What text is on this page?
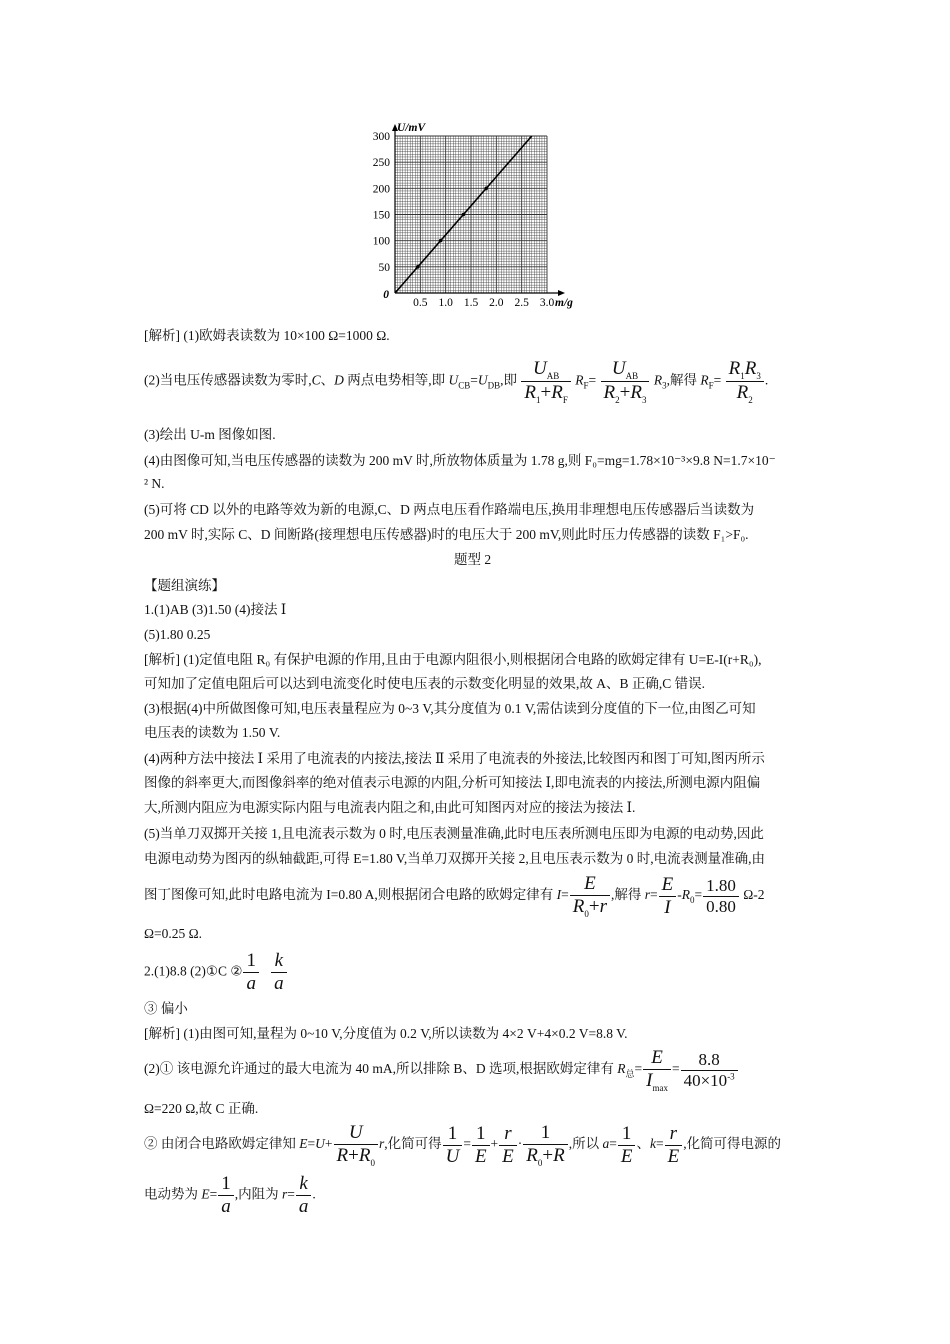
0.5 1.0 1.5 2.0 2.5 3.0
50
100
150
200
250
300
0
m/g
U/mV
[解析] (1)欧姆表读数为 10×100 Ω=1000 Ω.
(2)当电压传感器读数为零时,C、D 两点电势相等,即 $U_{CB}=U_{DB}$,即 $\frac{U_{AB}}{R_1+R_F} R_F= \frac{U_{AB}}{R_2+R_3} R_3$,解得 $R_F= \frac{R_1R_3}{R_2}$ .
(3)绘出 U-m 图像如图.
(4)由图像可知,当电压传感器的读数为 200 mV 时,所放物体质量为 1.78 g,则 F₀=mg=1.78×10⁻³×9.8 N=1.7×10⁻
² N.
(5)可将 CD 以外的电路等效为新的电源,C、D 两点电压看作路端电压,换用非理想电压传感器后当读数为
200 mV 时,实际 C、D 间断路(接理想电压传感器)时的电压大于 200 mV,则此时压力传感器的读数 F₁>F₀.
题型 2
【题组演练】
1.(1)AB (3)1.50 (4)接法 Ⅰ
(5)1.80 0.25
[解析] (1)定值电阻 R₀ 有保护电源的作用,且由于电源内阻很小,则根据闭合电路的欧姆定律有 U=E-I(r+R₀),
可知加了定值电阻后可以达到电流变化时使电压表的示数变化明显的效果,故 A、B 正确,C 错误.
(3)根据(4)中所做图像可知,电压表量程应为 0~3 V,其分度值为 0.1 V,需估读到分度值的下一位,由图乙可知
电压表的读数为 1.50 V.
(4)两种方法中接法 Ⅰ 采用了电流表的内接法,接法 Ⅱ 采用了电流表的外接法,比较图丙和图丁可知,图丙所示
图像的斜率更大,而图像斜率的绝对值表示电源的内阻,分析可知接法 Ⅰ,即电流表的内接法,所测电源内阻偏
大,所测内阻应为电源实际内阻与电流表内阻之和,由此可知图丙对应的接法为接法 Ⅰ.
(5)当单刀双掷开关接 1,且电流表示数为 0 时,电压表测量准确,此时电压表所测电压即为电源的电动势,因此
电源电动势为图丙的纵轴截距,可得 E=1.80 V,当单刀双掷开关接 2,且电压表示数为 0 时,电流表测量准确,由
图丁图像可知,此时电路电流为 I=0.80 A,则根据闭合电路的欧姆定律有 $I= \frac{E}{R_0+r}$ ,解得 $r= \frac{E}{I} -R_0= \frac{1.80}{0.80} \Omega-2$
Ω=0.25 Ω.
2.(1)8.8 (2)①C ② $\frac{1}{a}$
$\frac{k}{a}$
③ 偏小
[解析] (1)由图可知,量程为 0~10 V,分度值为 0.2 V,所以读数为 4×2 V+4×0.2 V=8.8 V.
(2)① 该电源允许通过的最大电流为 40 mA,所以排除 B、D 选项,根据欧姆定律有 $R_总= \frac{E}{I_{max}} = \frac{8.8}{40\times 10^{-3}}$
Ω=220 Ω,故 C 正确.
② 由闭合电路欧姆定律知 $E=U+ \frac{U}{R+R_0} r$,化简可得 $\frac{1}{U} = \frac{1}{E} + \frac{r}{E} \cdot \frac{1}{R_0+R}$ ,所以 $a= \frac{1}{E}$ 、$k= \frac{r}{E}$ ,化简可得电源的
电动势为 $E= \frac{1}{a}$ ,内阻为 $r= \frac{k}{a}$ .
